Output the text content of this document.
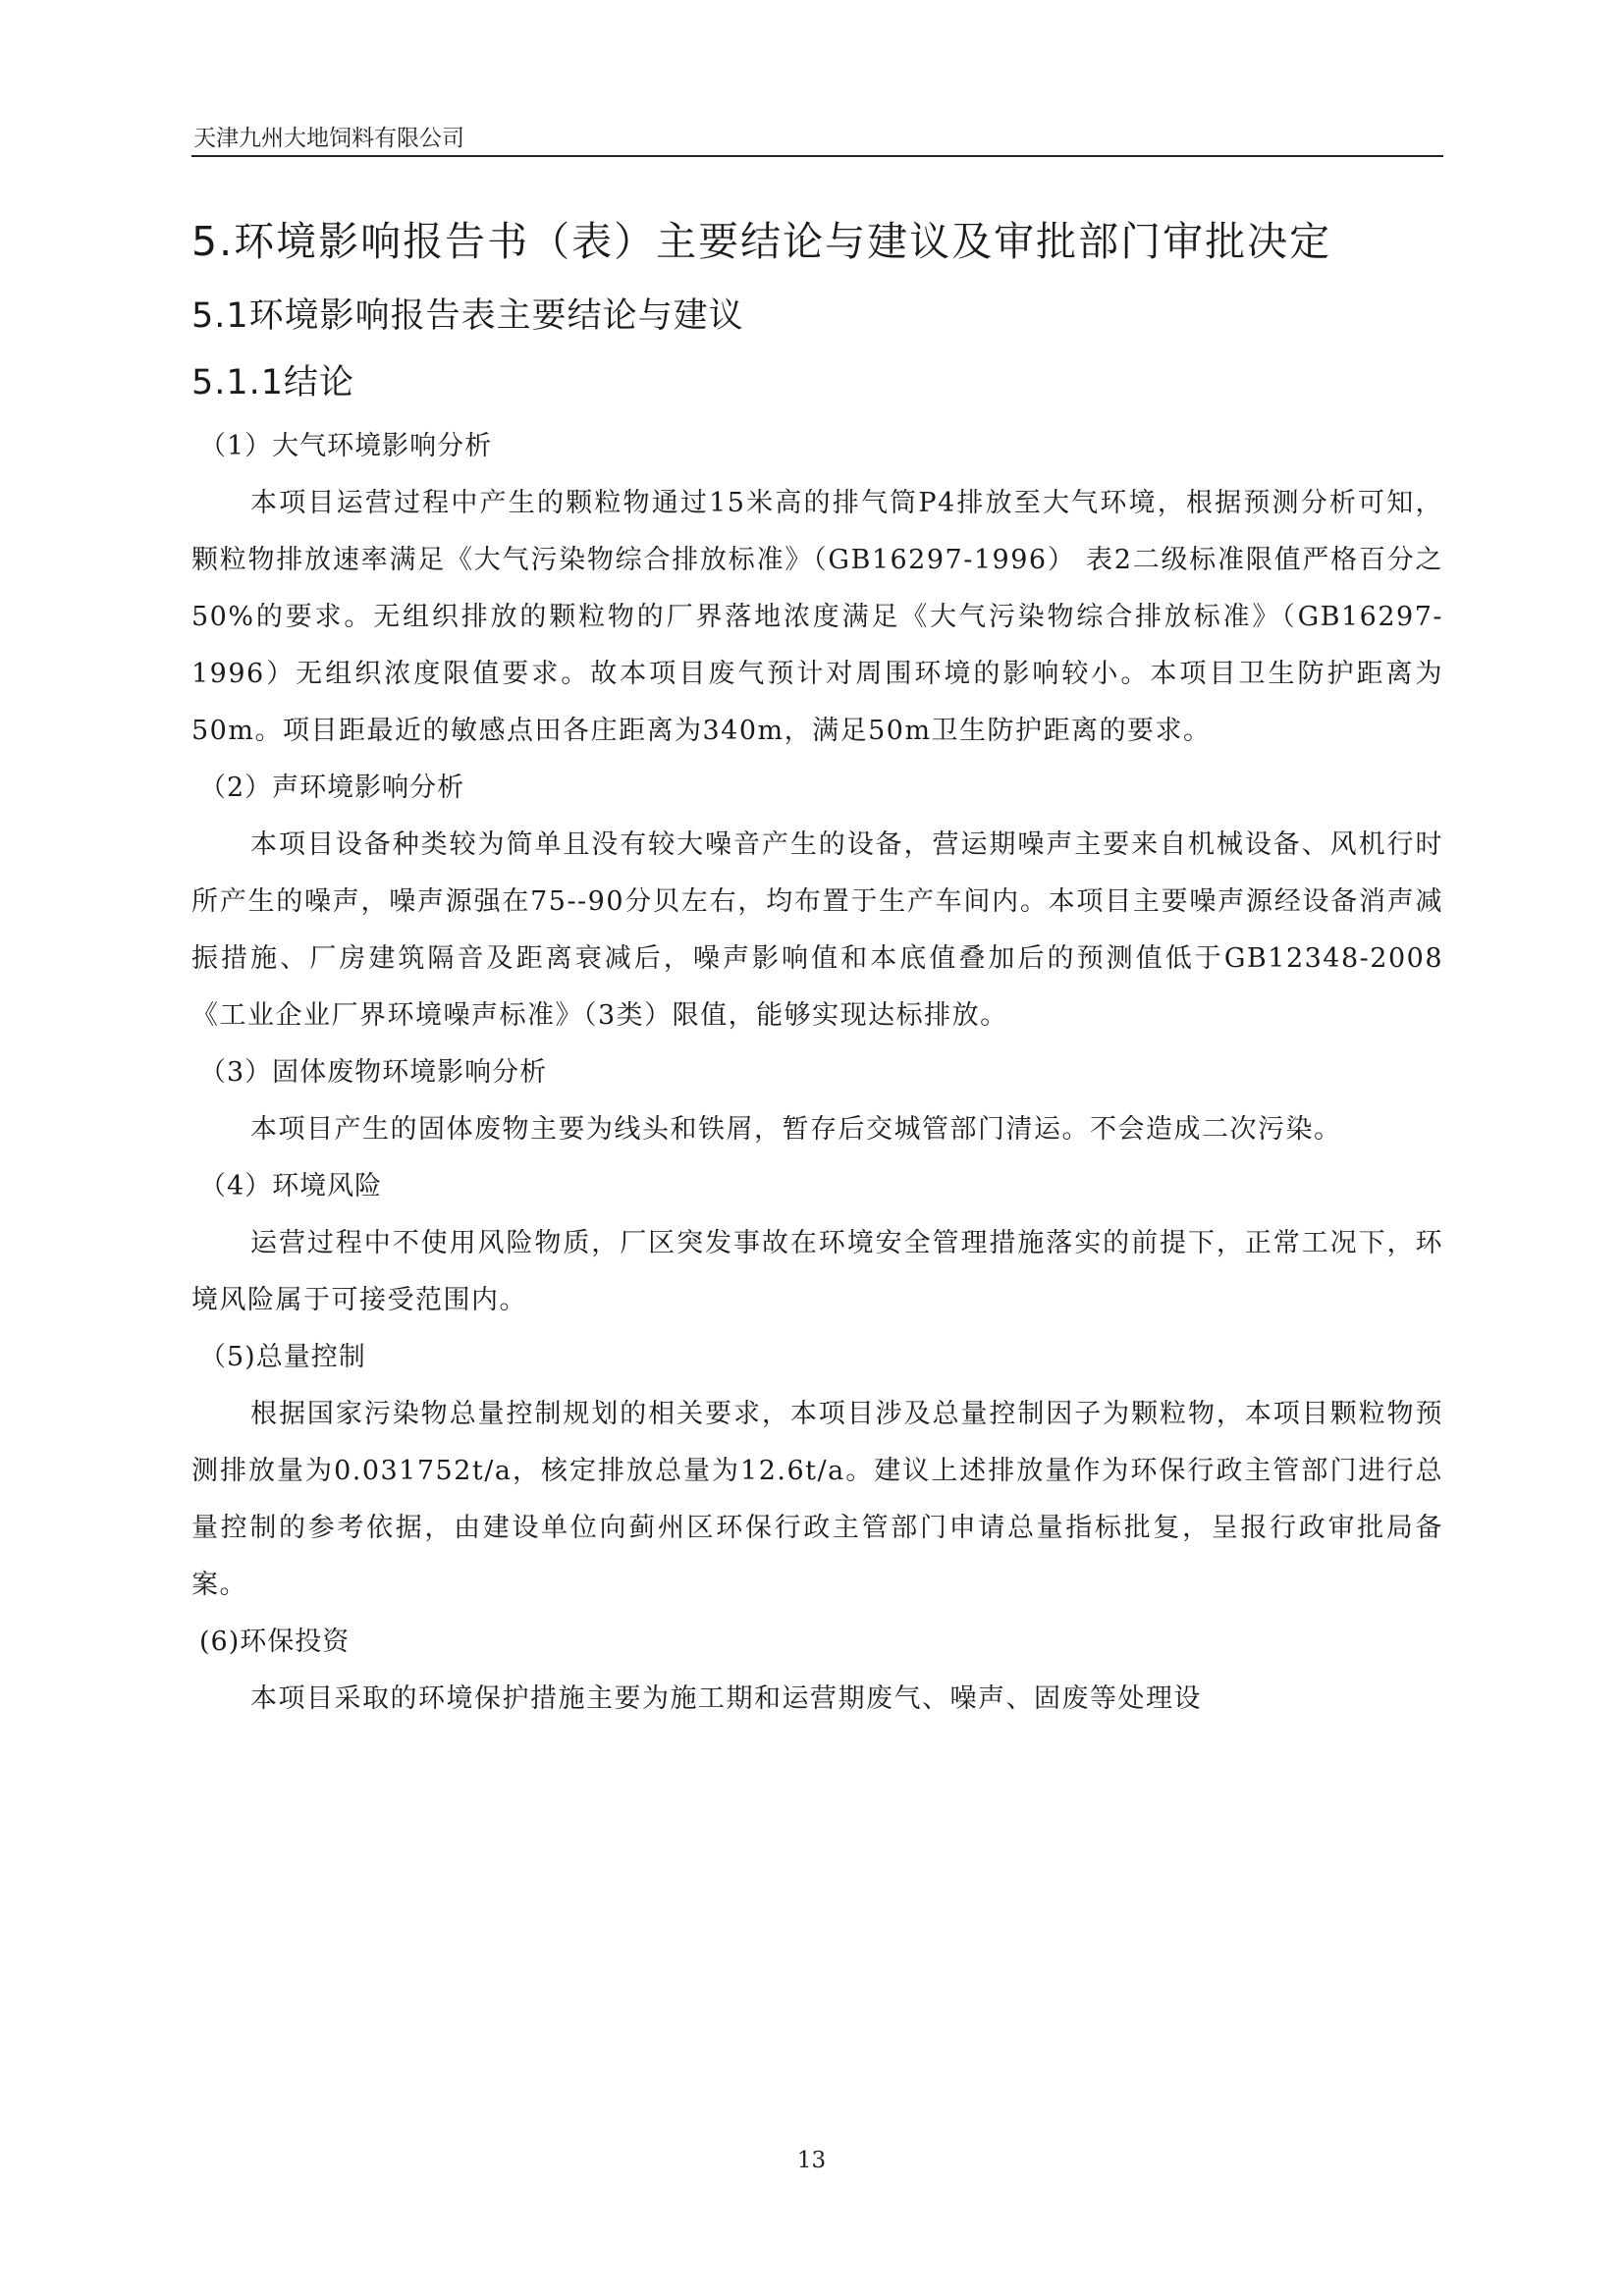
天津九州大地饲料有限公司
5.环境影响报告书（表）主要结论与建议及审批部门审批决定
5.1环境影响报告表主要结论与建议
5.1.1结论

（1）大气环境影响分析

本项目运营过程中产生的颗粒物通过15米高的排气筒P4排放至大气环境，根据预测分析可知，颗粒物排放速率满足《大气污染物综合排放标准》（GB16297-1996） 表2二级标准限值严格百分之50%的要求。无组织排放的颗粒物的厂界落地浓度满足《大气污染物综合排放标准》（GB16297-1996）无组织浓度限值要求。故本项目废气预计对周围环境的影响较小。本项目卫生防护距离为50m。项目距最近的敏感点田各庄距离为340m，满足50m卫生防护距离的要求。

（2）声环境影响分析

本项目设备种类较为简单且没有较大噪音产生的设备，营运期噪声主要来自机械设备、风机行时所产生的噪声，噪声源强在75--90分贝左右，均布置于生产车间内。本项目主要噪声源经设备消声减振措施、厂房建筑隔音及距离衰减后，噪声影响值和本底值叠加后的预测值低于GB12348-2008《工业企业厂界环境噪声标准》（3类）限值，能够实现达标排放。

（3）固体废物环境影响分析

本项目产生的固体废物主要为线头和铁屑，暂存后交城管部门清运。不会造成二次污染。

（4）环境风险

运营过程中不使用风险物质，厂区突发事故在环境安全管理措施落实的前提下，正常工况下，环境风险属于可接受范围内。

（5)总量控制

根据国家污染物总量控制规划的相关要求，本项目涉及总量控制因子为颗粒物，本项目颗粒物预测排放量为0.031752t/a，核定排放总量为12.6t/a。建议上述排放量作为环保行政主管部门进行总量控制的参考依据，由建设单位向蓟州区环保行政主管部门申请总量指标批复，呈报行政审批局备案。

(6)环保投资

本项目采取的环境保护措施主要为施工期和运营期废气、噪声、固废等处理设

13
